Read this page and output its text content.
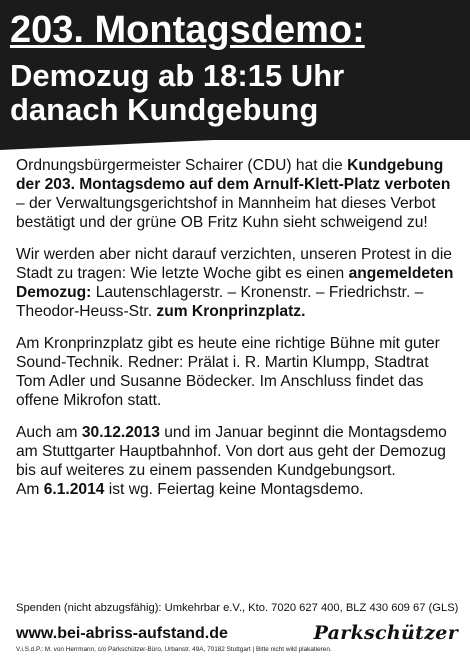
203. Montagsdemo:
Demozug ab 18:15 Uhr
danach Kundgebung

Ordnungsbürgermeister Schairer (CDU) hat die Kundgebung der 203. Montagsdemo auf dem Arnulf-Klett-Platz verboten – der Verwaltungsgerichtshof in Mannheim hat dieses Verbot bestätigt und der grüne OB Fritz Kuhn sieht schweigend zu!

Wir werden aber nicht darauf verzichten, unseren Protest in die Stadt zu tragen: Wie letzte Woche gibt es einen angemeldeten Demozug: Lautenschlagerstr. – Kronenstr. – Friedrichstr. – Theodor-Heuss-Str. zum Kronprinzplatz.

Am Kronprinzplatz gibt es heute eine richtige Bühne mit guter Sound-Technik. Redner: Prälat i. R. Martin Klumpp, Stadtrat Tom Adler und Susanne Bödecker. Im Anschluss findet das offene Mikrofon statt.

Auch am 30.12.2013 und im Januar beginnt die Montagsdemo am Stuttgarter Hauptbahnhof. Von dort aus geht der Demozug bis auf weiteres zu einem passenden Kundgebungsort.
Am 6.1.2014 ist wg. Feiertag keine Montagsdemo.

Spenden (nicht abzugsfähig): Umkehrbar e.V., Kto. 7020 627 400, BLZ 430 609 67 (GLS)
www.bei-abriss-aufstand.de
V.i.S.d.P.: M. von Herrmann, c/o Parkschützer-Büro, Urbanstr. 49A, 70182 Stuttgart | Bitte nicht wild plakatieren.
Parkschützer
